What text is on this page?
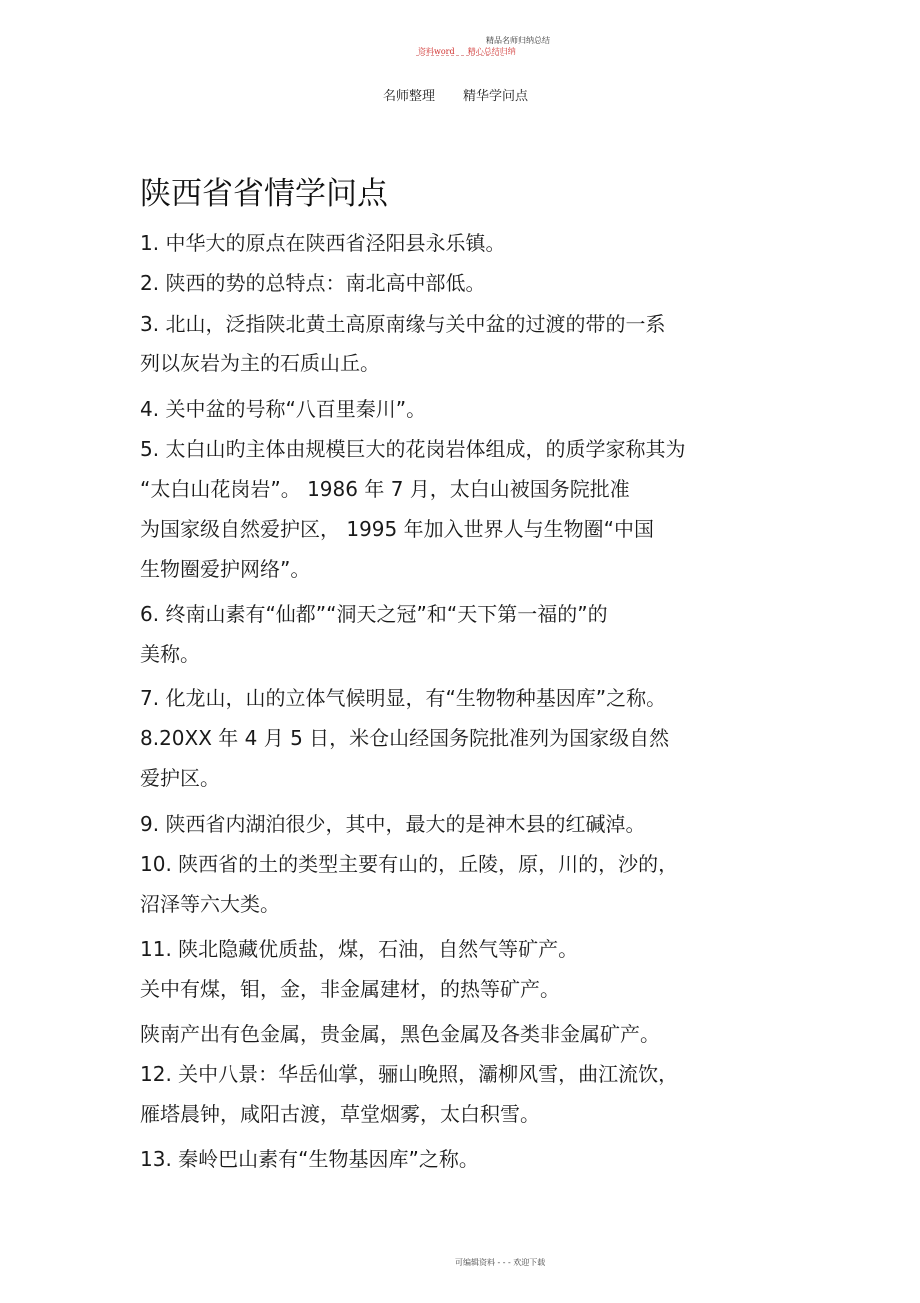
精品名师归纳总结
资料word 精心总结归纳
名师整理 精华学问点
陕西省省情学问点
1. 中华大的原点在陕西省泾阳县永乐镇。
2. 陕西的势的总特点：南北高中部低。
3. 北山，泛指陕北黄土高原南缘与关中盆的过渡的带的一系
列以灰岩为主的石质山丘。
4. 关中盆的号称“八百里秦川”。
5. 太白山旳主体由规模巨大的花岗岩体组成，的质学家称其为
“太白山花岗岩”。 1986 年 7 月，太白山被国务院批准
为国家级自然爱护区， 1995 年加入世界人与生物圈“中国
生物圈爱护网络”。
6. 终南山素有“仙都”“洞天之冠”和“天下第一福的”的
美称。
7. 化龙山，山的立体气候明显，有“生物物种基因库”之称。
8.20XX 年 4 月 5 日，米仓山经国务院批准列为国家级自然
爱护区。
9. 陕西省内湖泊很少，其中，最大的是神木县的红碱淖。
10. 陕西省的土的类型主要有山的，丘陵，原，川的，沙的，
沼泽等六大类。
11. 陕北隐藏优质盐，煤，石油，自然气等矿产。
关中有煤，钼，金，非金属建材，的热等矿产。
陕南产出有色金属，贵金属，黑色金属及各类非金属矿产。
12. 关中八景：华岳仙掌，骊山晚照，灞柳风雪，曲江流饮，
雁塔晨钟，咸阳古渡，草堂烟雾，太白积雪。
13. 秦岭巴山素有“生物基因库”之称。
可编辑资料 - - - 欢迎下载
